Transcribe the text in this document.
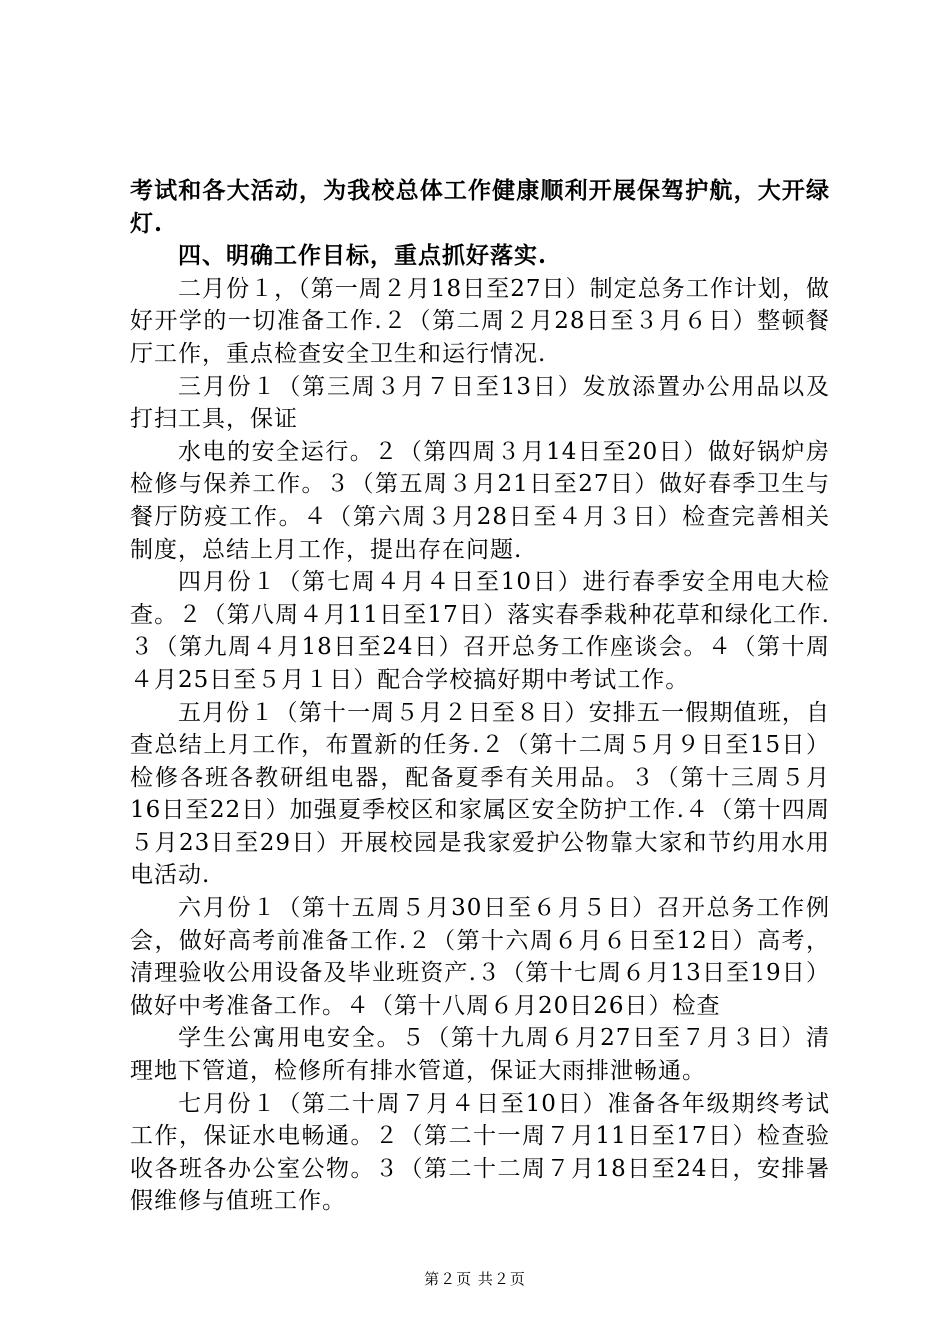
考试和各大活动，为我校总体工作健康顺利开展保驾护航，大开绿灯.

四、明确工作目标，重点抓好落实.

二月份１，（第一周２月18日至27日）制定总务工作计划，做好开学的一切准备工作.２（第二周２月28日至３月６日）整顿餐厅工作，重点检查安全卫生和运行情况.

三月份１（第三周３月７日至13日）发放添置办公用品以及打扫工具，保证

水电的安全运行。２（第四周３月14日至20日）做好锅炉房检修与保养工作。３（第五周３月21日至27日）做好春季卫生与餐厅防疫工作。４（第六周３月28日至４月３日）检查完善相关制度，总结上月工作，提出存在问题.

四月份１（第七周４月４日至10日）进行春季安全用电大检查。２（第八周４月11日至17日）落实春季栽种花草和绿化工作.３（第九周４月18日至24日）召开总务工作座谈会。４（第十周４月25日至５月１日）配合学校搞好期中考试工作。

五月份１（第十一周５月２日至８日）安排五一假期值班，自查总结上月工作，布置新的任务.２（第十二周５月９日至15日）检修各班各教研组电器，配备夏季有关用品。３（第十三周５月16日至22日）加强夏季校区和家属区安全防护工作.４（第十四周５月23日至29日）开展校园是我家爱护公物靠大家和节约用水用电活动.

六月份１（第十五周５月30日至６月５日）召开总务工作例会，做好高考前准备工作.２（第十六周６月６日至12日）高考，清理验收公用设备及毕业班资产.３（第十七周６月13日至19日）做好中考准备工作。４（第十八周６月20日26日）检查

学生公寓用电安全。５（第十九周６月27日至７月３日）清理地下管道，检修所有排水管道，保证大雨排泄畅通。

七月份１（第二十周７月４日至10日）准备各年级期终考试工作，保证水电畅通。２（第二十一周７月11日至17日）检查验收各班各办公室公物。３（第二十二周７月18日至24日，安排暑假维修与值班工作。

第２页 共２页
